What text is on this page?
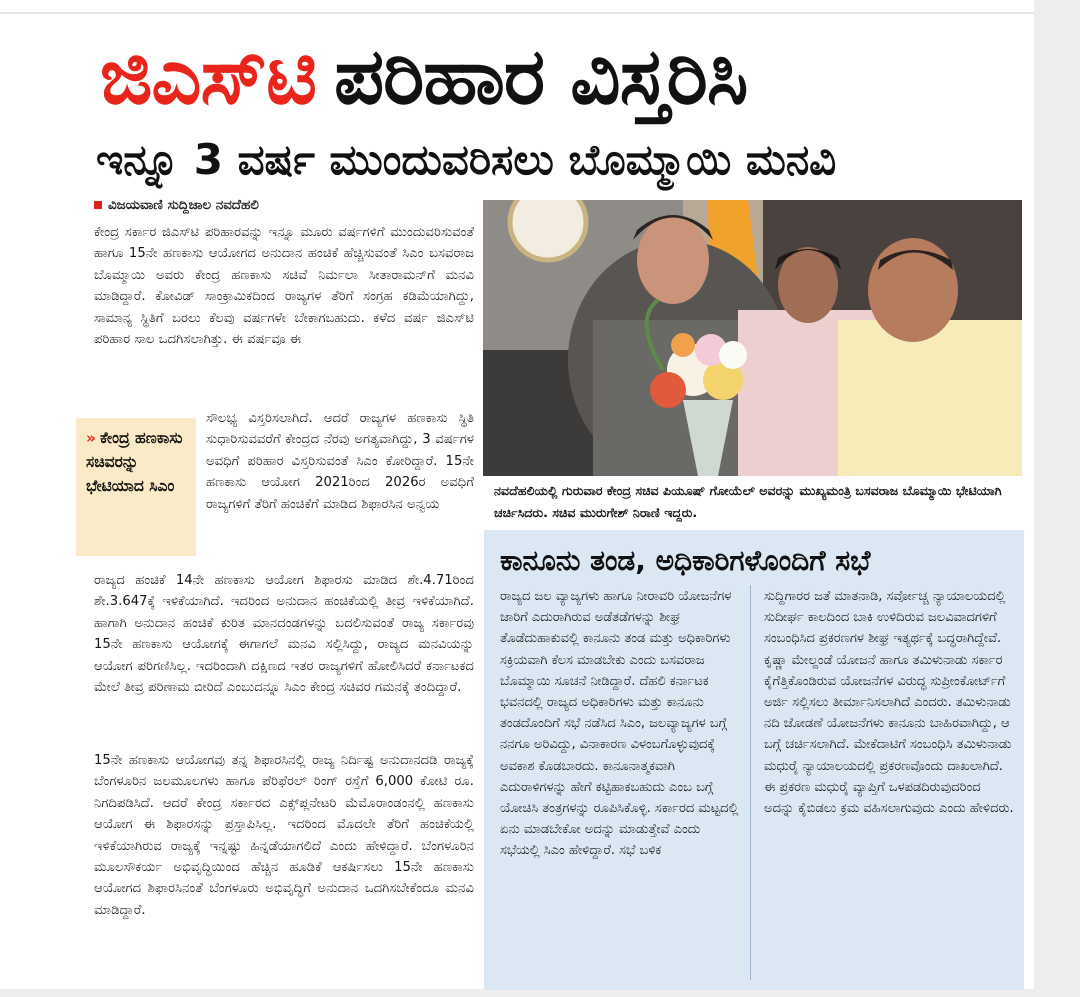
ಜಿಎಸ್‌ಟಿ ಪರಿಹಾರ ವಿಸ್ತರಿಸಿ
ಇನ್ನೂ 3 ವರ್ಷ ಮುಂದುವರಿಸಲು ಬೊಮ್ಮಾಯಿ ಮನವಿ
ವಿಜಯವಾಣಿ ಸುದ್ದಿಜಾಲ ನವದೆಹಲಿ

ಕೇಂದ್ರ ಸರ್ಕಾರ ಜಿಎಸ್‌ಟಿ ಪರಿಹಾರವನ್ನು ಇನ್ನೂ ಮೂರು ವರ್ಷಗಳಿಗೆ ಮುಂದುವರಿಸುವಂತೆ ಹಾಗೂ 15ನೇ ಹಣಕಾಸು ಆಯೋಗದ ಅನುದಾನ ಹಂಚಿಕೆ ಹೆಚ್ಚಿಸುವಂತೆ ಸಿಎಂ ಬಸವರಾಜ ಬೊಮ್ಮಾಯಿ ಅವರು ಕೇಂದ್ರ ಹಣಕಾಸು ಸಚಿವೆ ನಿರ್ಮಲಾ ಸೀತಾರಾಮನ್‌ಗೆ ಮನವಿ ಮಾಡಿದ್ದಾರೆ. ಕೋವಿಡ್ ಸಾಂಕ್ರಾಮಿಕದಿಂದ ರಾಜ್ಯಗಳ ತೆರಿಗೆ ಸಂಗ್ರಹ ಕಡಿಮೆಯಾಗಿದ್ದು, ಸಾಮಾನ್ಯ ಸ್ಥಿತಿಗೆ ಬರಲು ಕೆಲವು ವರ್ಷಗಳೇ ಬೇಕಾಗಬಹುದು. ಕಳೆದ ವರ್ಷ ಜಿಎಸ್‌ಟಿ ಪರಿಹಾರ ಸಾಲ ಒದಗಿಸಲಾಗಿತ್ತು. ಈ ವರ್ಷವೂ ಈ

» ಕೇಂದ್ರ ಹಣಕಾಸು ಸಚಿವರನ್ನು ಭೇಟಿಯಾದ ಸಿಎಂ

ಸೌಲಭ್ಯ ವಿಸ್ತರಿಸಲಾಗಿದೆ. ಆದರೆ ರಾಜ್ಯಗಳ ಹಣಕಾಸು ಸ್ಥಿತಿ ಸುಧಾರಿಸುವವರೆಗೆ ಕೇಂದ್ರದ ನೆರವು ಅಗತ್ಯವಾಗಿದ್ದು, 3 ವರ್ಷಗಳ ಅವಧಿಗೆ ಪರಿಹಾರ ವಿಸ್ತರಿಸುವಂತೆ ಸಿಎಂ ಕೋರಿದ್ದಾರೆ. 15ನೇ ಹಣಕಾಸು ಆಯೋಗ 2021ರಿಂದ 2026ರ ಅವಧಿಗೆ ರಾಜ್ಯಗಳಿಗೆ ತೆರಿಗೆ ಹಂಚಿಕೆಗೆ ಮಾಡಿದ ಶಿಫಾರಸಿನ ಅನ್ವಯ

ರಾಜ್ಯದ ಹಂಚಿಕೆ 14ನೇ ಹಣಕಾಸು ಆಯೋಗ ಶಿಫಾರಸು ಮಾಡಿದ ಶೇ.4.71ರಿಂದ ಶೇ.3.647ಕ್ಕೆ ಇಳಿಕೆಯಾಗಿದೆ. ಇದರಿಂದ ಅನುದಾನ ಹಂಚಿಕೆಯಲ್ಲಿ ತೀವ್ರ ಇಳಿಕೆಯಾಗಿದೆ. ಹಾಗಾಗಿ ಅನುದಾನ ಹಂಚಿಕೆ ಕುರಿತ ಮಾನದಂಡಗಳನ್ನು ಬದಲಿಸುವಂತೆ ರಾಜ್ಯ ಸರ್ಕಾರವು 15ನೇ ಹಣಕಾಸು ಆಯೋಗಕ್ಕೆ ಈಗಾಗಲೆ ಮನವಿ ಸಲ್ಲಿಸಿದ್ದು, ರಾಜ್ಯದ ಮನವಿಯನ್ನು ಆಯೋಗ ಪರಿಗಣಿಸಿಲ್ಲ. ಇದರಿಂದಾಗಿ ದಕ್ಷಿಣದ ಇತರ ರಾಜ್ಯಗಳಿಗೆ ಹೋಲಿಸಿದರೆ ಕರ್ನಾಟಕದ ಮೇಲೆ ತೀವ್ರ ಪರಿಣಾಮ ಬೀರಿದೆ ಎಂಬುದನ್ನೂ ಸಿಎಂ ಕೇಂದ್ರ ಸಚಿವರ ಗಮನಕ್ಕೆ ತಂದಿದ್ದಾರೆ.

15ನೇ ಹಣಕಾಸು ಆಯೋಗವು ತನ್ನ ಶಿಫಾರಸಿನಲ್ಲಿ ರಾಜ್ಯ ನಿರ್ದಿಷ್ಟ ಅನುದಾನದಡಿ ರಾಜ್ಯಕ್ಕೆ ಬೆಂಗಳೂರಿನ ಜಲಮೂಲಗಳು ಹಾಗೂ ಪೆರಿಫೆರಲ್ ರಿಂಗ್ ರಸ್ತೆಗೆ 6,000 ಕೋಟಿ ರೂ. ನಿಗದಿಪಡಿಸಿದೆ. ಆದರೆ ಕೇಂದ್ರ ಸರ್ಕಾರದ ಎಕ್ಸ್‌ಪ್ಲನೇಟರಿ ಮೆಮೊರಾಂಡಂನಲ್ಲಿ ಹಣಕಾಸು ಆಯೋಗ ಈ ಶಿಫಾರಸನ್ನು ಪ್ರಸ್ತಾಪಿಸಿಲ್ಲ. ಇದರಿಂದ ಮೊದಲೇ ತೆರಿಗೆ ಹಂಚಿಕೆಯಲ್ಲಿ ಇಳಿಕೆಯಾಗಿರುವ ರಾಜ್ಯಕ್ಕೆ ಇನ್ನಷ್ಟು ಹಿನ್ನಡೆಯಾಗಲಿದೆ ಎಂದು ಹೇಳಿದ್ದಾರೆ. ಬೆಂಗಳೂರಿನ ಮೂಲಸೌಕರ್ಯ ಅಭಿವೃದ್ಧಿಯಿಂದ ಹೆಚ್ಚಿನ ಹೂಡಿಕೆ ಆಕರ್ಷಿಸಲು 15ನೇ ಹಣಕಾಸು ಆಯೋಗದ ಶಿಫಾರಸಿನಂತೆ ಬೆಂಗಳೂರು ಅಭಿವೃದ್ಧಿಗೆ ಅನುದಾನ ಒದಗಿಸಬೇಕೆಂದೂ ಮನವಿ ಮಾಡಿದ್ದಾರೆ.

ನವದೆಹಲಿಯಲ್ಲಿ ಗುರುವಾರ ಕೇಂದ್ರ ಸಚಿವ ಪಿಯೂಷ್ ಗೋಯೆಲ್ ಅವರನ್ನು ಮುಖ್ಯಮಂತ್ರಿ ಬಸವರಾಜ ಬೊಮ್ಮಾಯಿ ಭೇಟಿಯಾಗಿ ಚರ್ಚಿಸಿದರು. ಸಚಿವ ಮುರುಗೇಶ್ ನಿರಾಣಿ ಇದ್ದರು.
ಕಾನೂನು ತಂಡ, ಅಧಿಕಾರಿಗಳೊಂದಿಗೆ ಸಭೆ
ರಾಜ್ಯದ ಜಲ ವ್ಯಾಜ್ಯಗಳು ಹಾಗೂ ನೀರಾವರಿ ಯೋಜನೆಗಳ ಜಾರಿಗೆ ಎದುರಾಗಿರುವ ಅಡೆತಡೆಗಳನ್ನು ಶೀಘ್ರ ತೊಡೆದುಹಾಕುವಲ್ಲಿ ಕಾನೂನು ತಂಡ ಮತ್ತು ಅಧಿಕಾರಿಗಳು ಸಕ್ರಿಯವಾಗಿ ಕೆಲಸ ಮಾಡಬೇಕು ಎಂದು ಬಸವರಾಜ ಬೊಮ್ಮಾಯಿ ಸೂಚನೆ ನೀಡಿದ್ದಾರೆ. ದೆಹಲಿ ಕರ್ನಾಟಕ ಭವನದಲ್ಲಿ ರಾಜ್ಯದ ಅಧಿಕಾರಿಗಳು ಮತ್ತು ಕಾನೂನು ತಂಡದೊಂದಿಗೆ ಸಭೆ ನಡೆಸಿದ ಸಿಎಂ, ಜಲವ್ಯಾಜ್ಯಗಳ ಬಗ್ಗೆ ನನಗೂ ಅರಿವಿದ್ದು, ವಿನಾಕಾರಣ ವಿಳಂಬಗೊಳ್ಳುವುದಕ್ಕೆ ಅವಕಾಶ ಕೊಡಬಾರದು. ಕಾನೂನಾತ್ಮಕವಾಗಿ ಎದುರಾಳಿಗಳನ್ನು ಹೇಗೆ ಕಟ್ಟಿಹಾಕಬಹುದು ಎಂಬ ಬಗ್ಗೆ ಯೋಚಿಸಿ ತಂತ್ರಗಳನ್ನು ರೂಪಿಸಿಕೊಳ್ಳಿ. ಸರ್ಕಾರದ ಮಟ್ಟದಲ್ಲಿ ಏನು ಮಾಡಬೇಕೋ ಅದನ್ನು ಮಾಡುತ್ತೇವೆ ಎಂದು ಸಭೆಯಲ್ಲಿ ಸಿಎಂ ಹೇಳಿದ್ದಾರೆ. ಸಭೆ ಬಳಿಕ
ಸುದ್ದಿಗಾರರ ಜತೆ ಮಾತನಾಡಿ, ಸರ್ವೋಚ್ಚ ನ್ಯಾಯಾಲಯದಲ್ಲಿ ಸುದೀರ್ಘ ಕಾಲದಿಂದ ಬಾಕಿ ಉಳಿದಿರುವ ಜಲವಿವಾದಗಳಿಗೆ ಸಂಬಂಧಿಸಿದ ಪ್ರಕರಣಗಳ ಶೀಘ್ರ ಇತ್ಯರ್ಥಕ್ಕೆ ಬದ್ಧರಾಗಿದ್ದೇವೆ. ಕೃಷ್ಣಾ ಮೇಲ್ದಂಡೆ ಯೋಜನೆ ಹಾಗೂ ತಮಿಳುನಾಡು ಸರ್ಕಾರ ಕೈಗೆತ್ತಿಕೊಂಡಿರುವ ಯೋಜನೆಗಳ ವಿರುದ್ಧ ಸುಪ್ರೀಂಕೋರ್ಟ್‌ಗೆ ಅರ್ಜಿ ಸಲ್ಲಿಸಲು ತೀರ್ಮಾನಿಸಲಾಗಿದೆ ಎಂದರು. ತಮಿಳುನಾಡು ನದಿ ಜೋಡಣೆ ಯೋಜನೆಗಳು ಕಾನೂನು ಬಾಹಿರವಾಗಿದ್ದು, ಆ ಬಗ್ಗೆ ಚರ್ಚಿಸಲಾಗಿದೆ. ಮೇಕೆದಾಟಿಗೆ ಸಂಬಂಧಿಸಿ ತಮಿಳುನಾಡು ಮಧುರೈ ನ್ಯಾಯಾಲಯದಲ್ಲಿ ಪ್ರಕರಣವೊಂದು ದಾಖಲಾಗಿದೆ. ಈ ಪ್ರಕರಣ ಮಧುರೈ ವ್ಯಾಪ್ತಿಗೆ ಒಳಪಡದಿರುವುದರಿಂದ ಅದನ್ನು ಕೈಬಿಡಲು ಕ್ರಮ ವಹಿಸಲಾಗುವುದು ಎಂದು ಹೇಳಿದರು.
